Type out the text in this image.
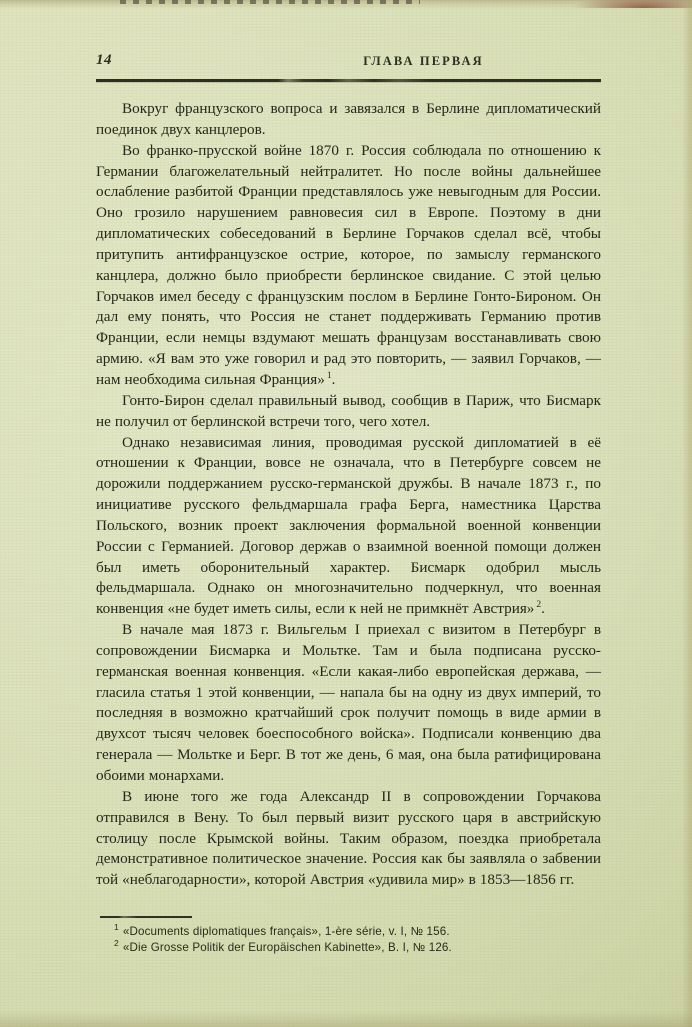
14	ГЛАВА ПЕРВАЯ

Вокруг французского вопроса и завязался в Берлине дипломатический поединок двух канцлеров.

Во франко-прусской войне 1870 г. Россия соблюдала по отношению к Германии благожелательный нейтралитет. Но после войны дальнейшее ослабление разбитой Франции представлялось уже невыгодным для России. Оно грозило нарушением равновесия сил в Европе. Поэтому в дни дипломатических собеседований в Берлине Горчаков сделал всё, чтобы притупить антифранцузское острие, которое, по замыслу германского канцлера, должно было приобрести берлинское свидание. С этой целью Горчаков имел беседу с французским послом в Берлине Гонто-Бироном. Он дал ему понять, что Россия не станет поддерживать Германию против Франции, если немцы вздумают мешать французам восстанавливать свою армию. «Я вам это уже говорил и рад это повторить, — заявил Горчаков, — нам необходима сильная Франция» $^1$.

Гонто-Бирон сделал правильный вывод, сообщив в Париж, что Бисмарк не получил от берлинской встречи того, чего хотел.

Однако независимая линия, проводимая русской дипломатией в её отношении к Франции, вовсе не означала, что в Петербурге совсем не дорожили поддержанием русско-германской дружбы. В начале 1873 г., по инициативе русского фельдмаршала графа Берга, наместника Царства Польского, возник проект заключения формальной военной конвенции России с Германией. Договор держав о взаимной военной помощи должен был иметь оборонительный характер. Бисмарк одобрил мысль фельдмаршала. Однако он многозначительно подчеркнул, что военная конвенция «не будет иметь силы, если к ней не примкнёт Австрия» $^2$.

В начале мая 1873 г. Вильгельм I приехал с визитом в Петербург в сопровождении Бисмарка и Мольтке. Там и была подписана русско-германская военная конвенция. «Если какая-либо европейская держава, — гласила статья 1 этой конвенции, — напала бы на одну из двух империй, то последняя в возможно кратчайший срок получит помощь в виде армии в двухсот тысяч человек боеспособного войска». Подписали конвенцию два генерала — Мольтке и Берг. В тот же день, 6 мая, она была ратифицирована обоими монархами.

В июне того же года Александр II в сопровождении Горчакова отправился в Вену. То был первый визит русского царя в австрийскую столицу после Крымской войны. Таким образом, поездка приобретала демонстративное политическое значение. Россия как бы заявляла о забвении той «неблагодарности», которой Австрия «удивила мир» в 1853—1856 гг.

$^1$ «Documents diplomatiques français», 1-ère série, v. I, № 156.
$^2$ «Die Grosse Politik der Europäischen Kabinette», B. I, № 126.
